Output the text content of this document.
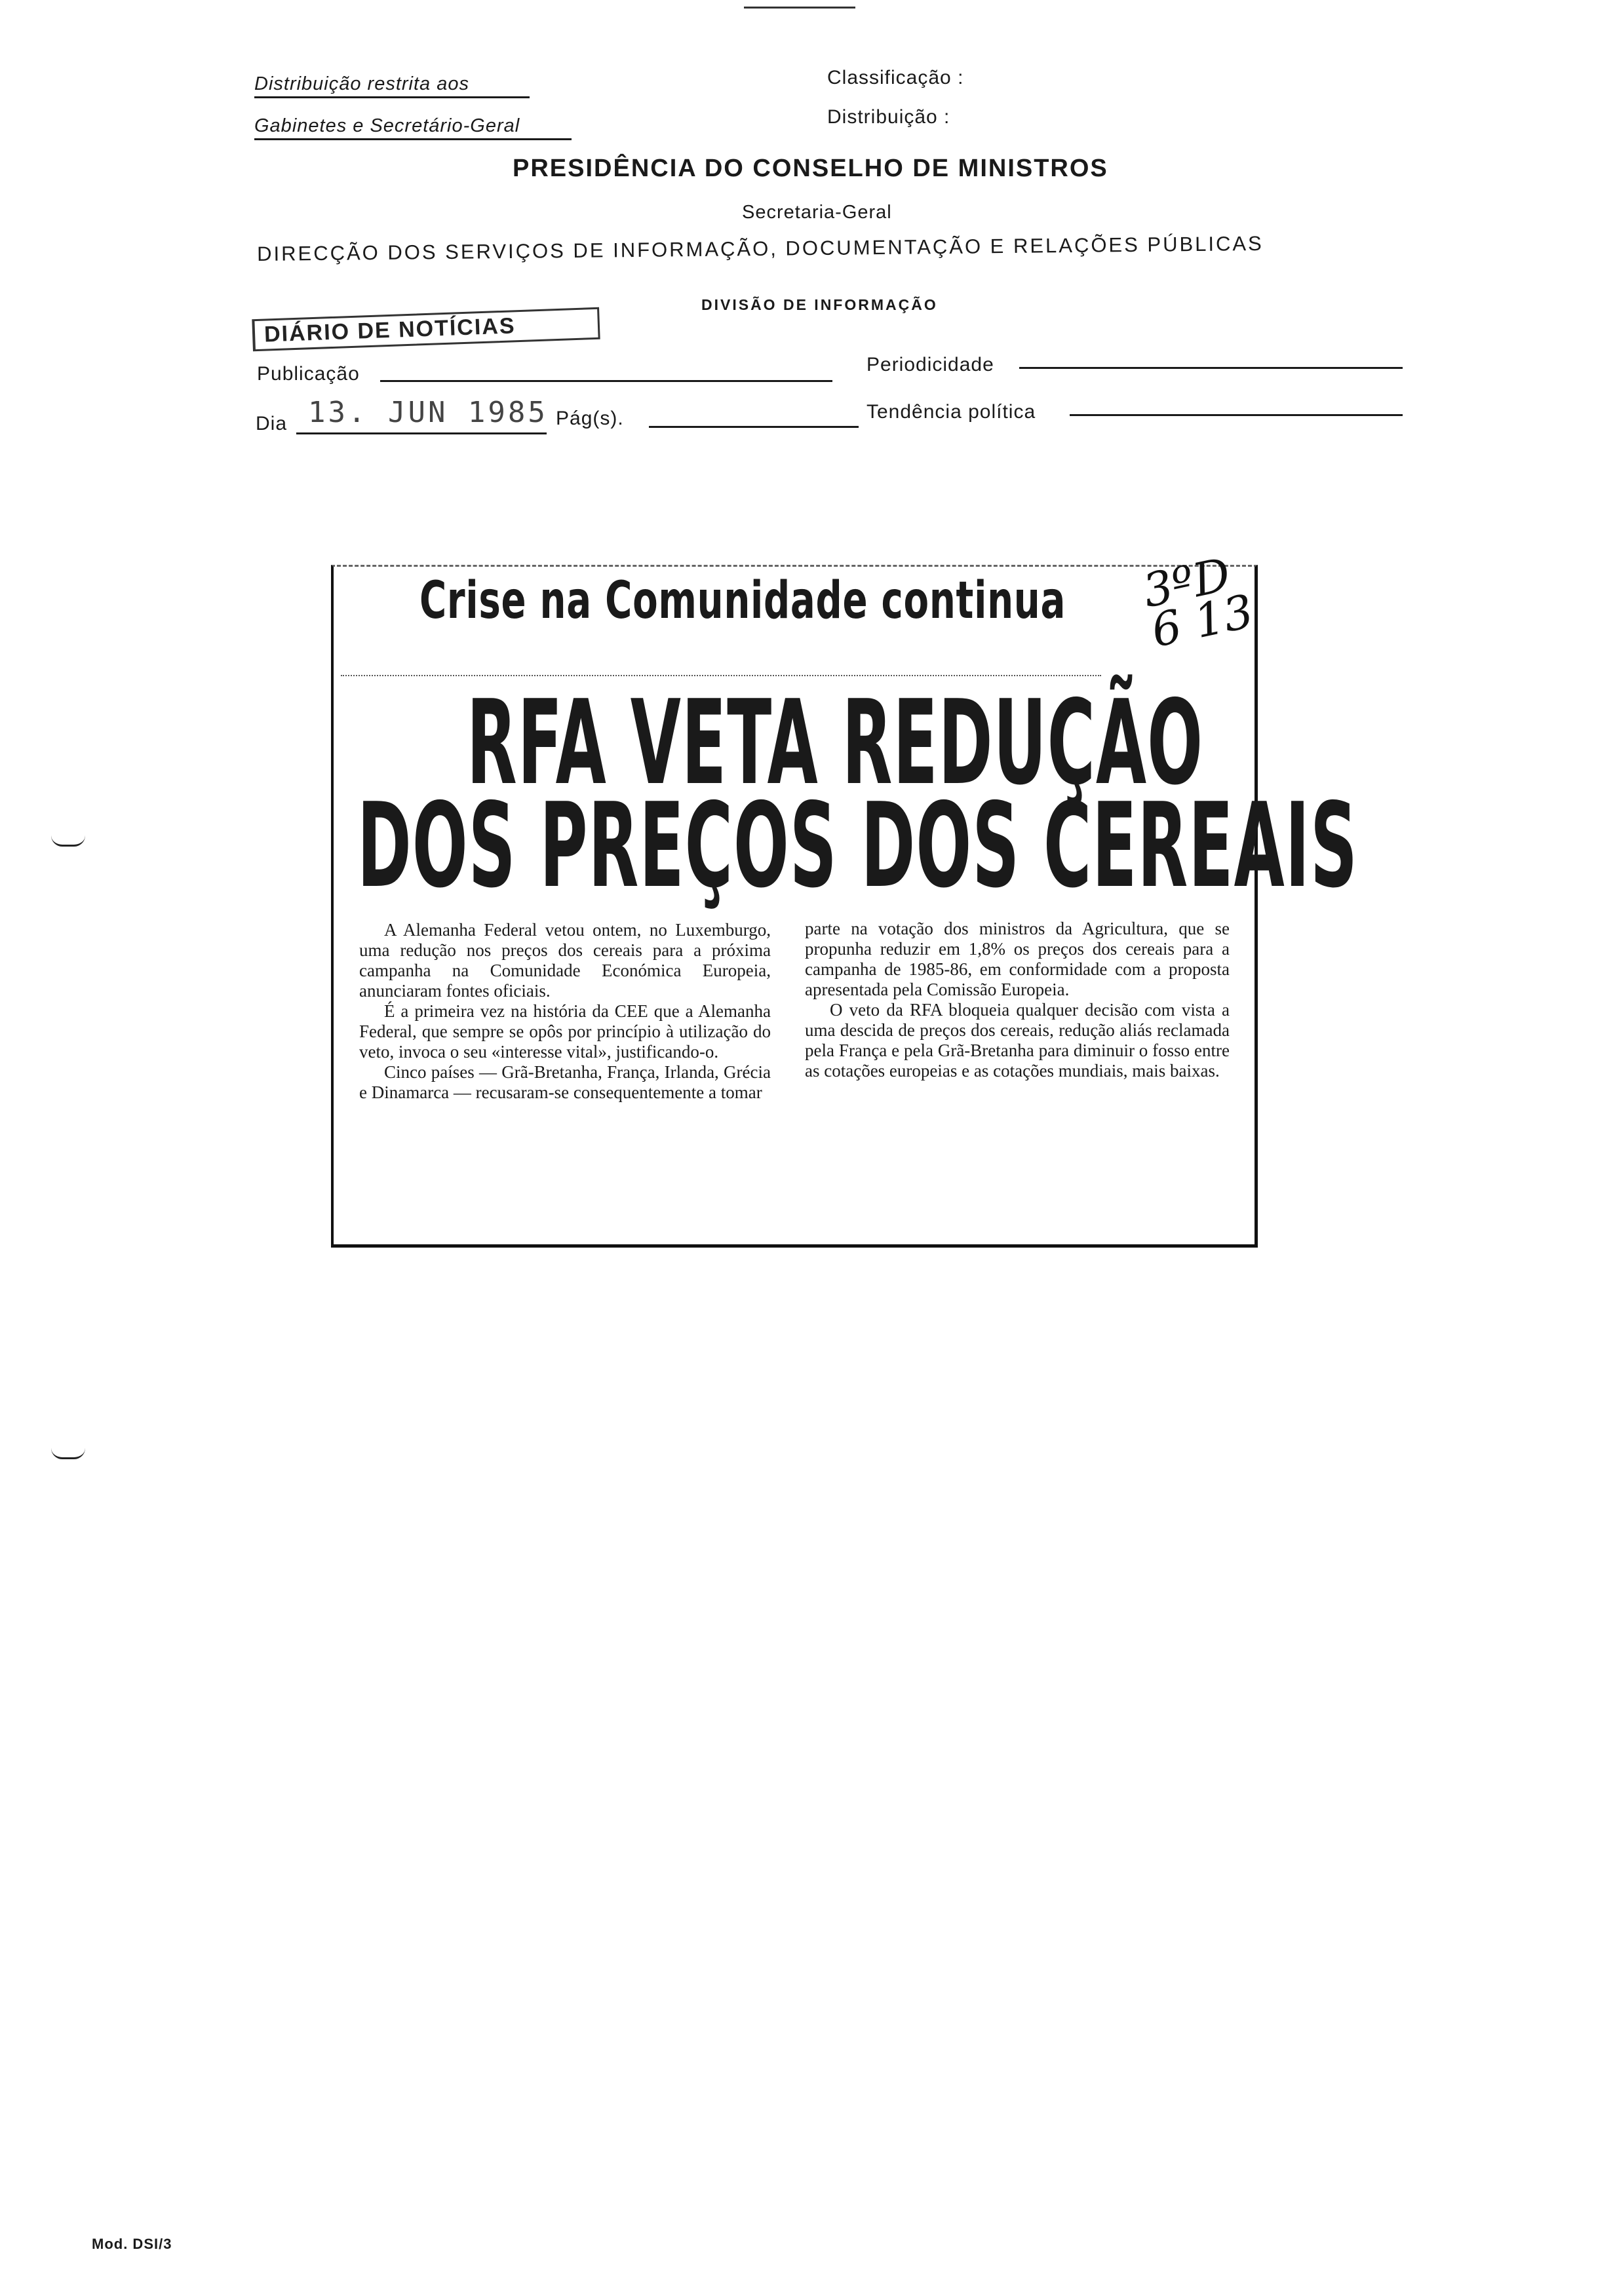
Distribuição restrita aos
Gabinetes e Secretário-Geral
Classificação :
Distribuição :
PRESIDÊNCIA DO CONSELHO DE MINISTROS
Secretaria-Geral
DIRECÇÃO DOS SERVIÇOS DE INFORMAÇÃO, DOCUMENTAÇÃO E RELAÇÕES PÚBLICAS
DIVISÃO DE INFORMAÇÃO
DIÁRIO DE NOTÍCIAS
Publicação	Periodicidade
Dia 13. JUN 1985 Pág(s).	Tendência política
Crise na Comunidade continua
RFA VETA REDUÇÃO
DOS PREÇOS DOS CEREAIS

A Alemanha Federal vetou ontem, no Luxemburgo, uma redução nos preços dos cereais para a próxima campanha na Comunidade Económica Europeia, anunciaram fontes oficiais.

É a primeira vez na história da CEE que a Alemanha Federal, que sempre se opôs por princípio à utilização do veto, invoca o seu «interesse vital», justificando-o.

Cinco países — Grã-Bretanha, França, Irlanda, Grécia e Dinamarca — recusaram-se consequentemente a tomar

parte na votação dos ministros da Agricultura, que se propunha reduzir em 1,8% os preços dos cereais para a campanha de 1985-86, em conformidade com a proposta apresentada pela Comissão Europeia.

O veto da RFA bloqueia qualquer decisão com vista a uma descida de preços dos cereais, redução aliás reclamada pela França e pela Grã-Bretanha para diminuir o fosso entre as cotações europeias e as cotações mundiais, mais baixas.

3ºD 6 13
Mod. DSI/3
